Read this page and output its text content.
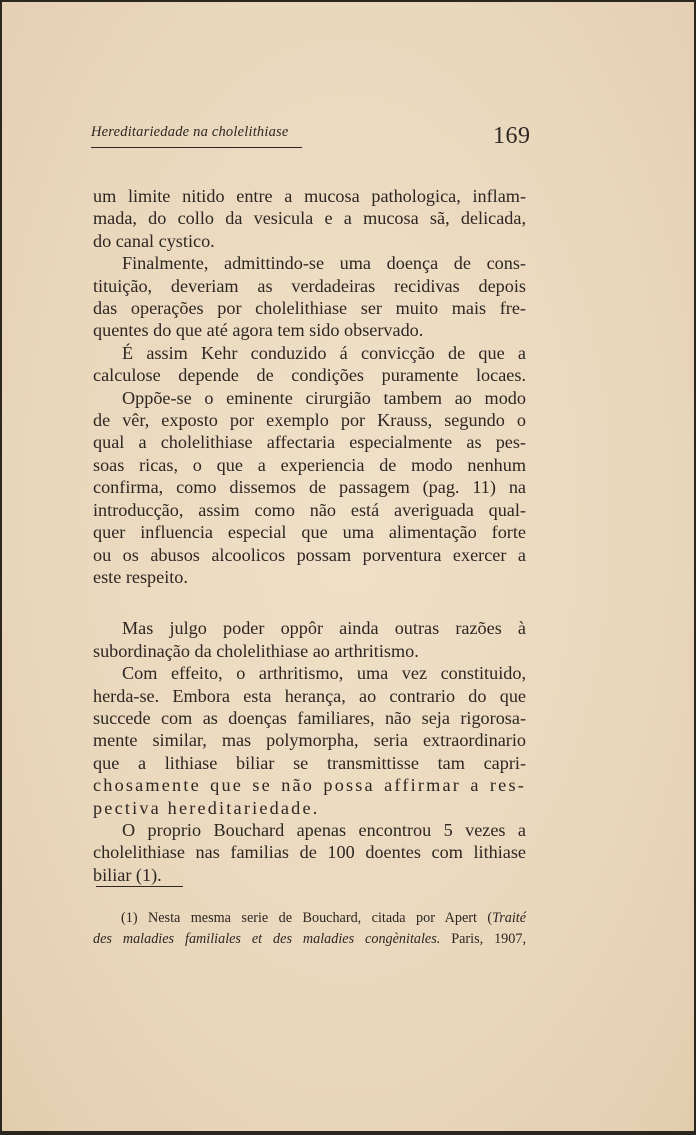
Hereditariedade na cholelithiase	169
um limite nitido entre a mucosa pathologica, inflam-
mada, do collo da vesicula e a mucosa sã, delicada,
do canal cystico.
Finalmente, admittindo-se uma doença de cons-
tituição, deveriam as verdadeiras recidivas depois
das operações por cholelithiase ser muito mais fre-
quentes do que até agora tem sido observado.
É assim Kehr conduzido á convicção de que a
calculose depende de condições puramente locaes.
Oppõe-se o eminente cirurgião tambem ao modo
de vêr, exposto por exemplo por Krauss, segundo o
qual a cholelithiase affectaria especialmente as pes-
soas ricas, o que a experiencia de modo nenhum
confirma, como dissemos de passagem (pag. 11) na
introducção, assim como não está averiguada qual-
quer influencia especial que uma alimentação forte
ou os abusos alcoolicos possam porventura exercer a
este respeito.
Mas julgo poder oppôr ainda outras razões à
subordinação da cholelithiase ao arthritismo.
Com effeito, o arthritismo, uma vez constituido,
herda-se. Embora esta herança, ao contrario do que
succede com as doenças familiares, não seja rigorosa-
mente similar, mas polymorpha, seria extraordinario
que a lithiase biliar se transmittisse tam capri-
chosamente que se não possa affirmar a res-
pectiva hereditariedade.
O proprio Bouchard apenas encontrou 5 vezes a
cholelithiase nas familias de 100 doentes com lithiase
biliar (1).
(1) Nesta mesma serie de Bouchard, citada por Apert (Traité
des maladies familiales et des maladies congènitales. Paris, 1907,
